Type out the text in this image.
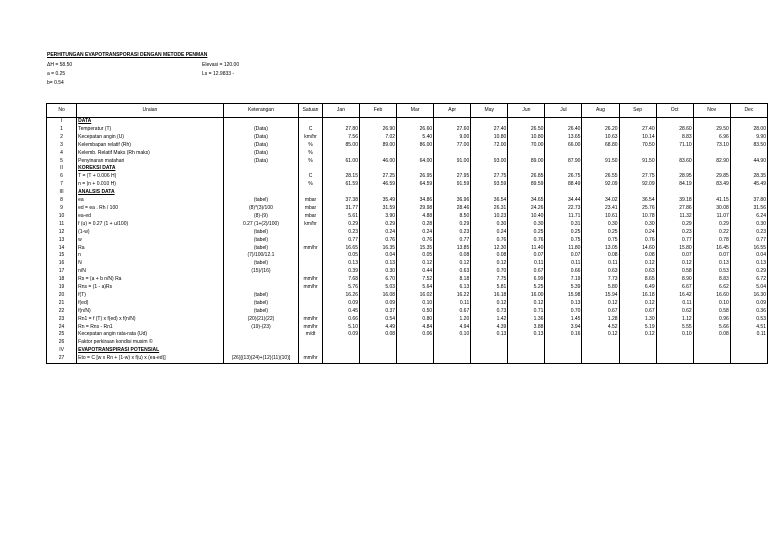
PERHITUNGAN EVAPOTRANSPORASI DENGAN METODE PENMAN
ΔH = 58.50	Elevasi = 120.00
a = 0.25	Ls = 12.9833 -
b= 0.54
No	Uraian	Keterangan	Satuan	Jan	Feb	Mar	Apr	May	Jun	Jul	Aug	Sep	Oct	Nov	Dec
I	DATA														
1	Temperatur (T)	(Data)	C	27.80	26.90	26.60	27.60	27.40	26.50	26.40	26.20	27.40	28.60	29.50	28.00
2	Kecepatan angin (U)	(Data)	km/hr	7.56	7.02	5.40	9.00	10.80	10.80	13.65	10.63	10.14	8.83	6.96	9.90
3	Kelembapan relatif (Rh)	(Data)	%	85.00	89.00	86.00	77.00	72.00	70.00	66.00	68.80	70.50	71.10	73.10	83.50
4	Kelemb. Relatif Maks (Rh maks)	(Data)	%												
5	Penyinaran matahari	(Data)	%	61.00	46.00	64.00	91.00	93.00	89.00	87.90	91.50	91.50	83.60	82.90	44.90
II	KOREKSI DATA														
6	T = (T + 0.006 H)		C	28.15	27.25	26.95	27.95	27.75	26.85	26.75	26.55	27.75	28.95	29.85	28.35
7	n = (n + 0.010 H)		%	61.59	46.59	64.59	91.59	93.59	89.59	88.49	92.09	92.09	84.19	83.49	45.49
III	ANALSIS DATA														
8	ea	(tabel)	mbar	37.38	35.49	34.86	36.96	36.54	34.65	34.44	34.02	36.54	39.18	41.15	37.80
9	ed = ea . Rh / 100	(8)*(3)/100	mbar	31.77	31.59	29.98	28.46	26.31	24.26	22.73	23.41	25.76	27.86	30.08	31.56
10	ea-ed	(8)-(9)	mbar	5.61	3.90	4.88	8.50	10.23	10.40	11.71	10.61	10.78	11.32	11.07	6.24
11	f (u) = 0.27 (1 + u/100)	0.27 (1+(2)/100)	km/hr	0.29	0.29	0.28	0.29	0.30	0.30	0.31	0.30	0.30	0.29	0.29	0.30
12	(1-w)	(tabel)		0.23	0.24	0.24	0.23	0.24	0.25	0.25	0.25	0.24	0.23	0.22	0.23
13	w	(tabel)		0.77	0.76	0.76	0.77	0.76	0.76	0.75	0.75	0.76	0.77	0.78	0.77
14	Ra	(tabel)	mm/hr	16.65	16.35	15.35	13.85	12.30	11.40	11.80	13.05	14.60	15.80	16.45	16.55
15	n	(7)/100/12.1		0.05	0.04	0.05	0.08	0.08	0.07	0.07	0.08	0.08	0.07	0.07	0.04
16	N	(tabel)		0.13	0.13	0.12	0.12	0.12	0.11	0.11	0.11	0.12	0.12	0.13	0.13
17	n/N	(15)/(16)		0.39	0.30	0.44	0.63	0.70	0.67	0.66	0.63	0.63	0.58	0.53	0.29
18	Rs = (a + b n/N) Ra		mm/hr	7.68	6.70	7.52	8.18	7.75	6.99	7.19	7.73	8.65	8.90	8.83	6.72
19	Rns = (1 - a)Rs		mm/hr	5.76	5.03	5.64	6.13	5.81	5.25	5.39	5.80	6.49	6.67	6.62	5.04
20	f(T)	(tabel)		16.26	16.08	16.02	16.22	16.18	16.00	15.98	15.94	16.18	16.42	16.60	16.30
21	f(ed)	(tabel)		0.09	0.09	0.10	0.11	0.12	0.12	0.13	0.12	0.12	0.11	0.10	0.09
22	f(n/N)	(tabel)		0.45	0.37	0.50	0.67	0.73	0.71	0.70	0.67	0.67	0.62	0.58	0.36
23	Rn1 = f (T) x f(ed) x f(n/N)	(20)(21)(22)	mm/hr	0.66	0.54	0.80	1.20	1.42	1.36	1.45	1.28	1.30	1.12	0.96	0.53
24	Rn = Rns - Rn1	(19)-(23)	mm/hr	5.10	4.49	4.84	4.94	4.39	3.88	3.94	4.52	5.19	5.55	5.66	4.51
25	Kecepatan angin rata-rata (Ud)		m/dt	0.09	0.08	0.06	0.10	0.13	0.13	0.16	0.12	0.12	0.10	0.08	0.11
26	Faktor perkiraan kondisi musim ©														
IV	EVAPOTRANSPIRASI POTENSIAL														
27	Eto = C [w x Rn + (1-w) x f(u) x (ea-ed)]	(26)[(13)(24)+(12)(11)(10)]	mm/hr												
